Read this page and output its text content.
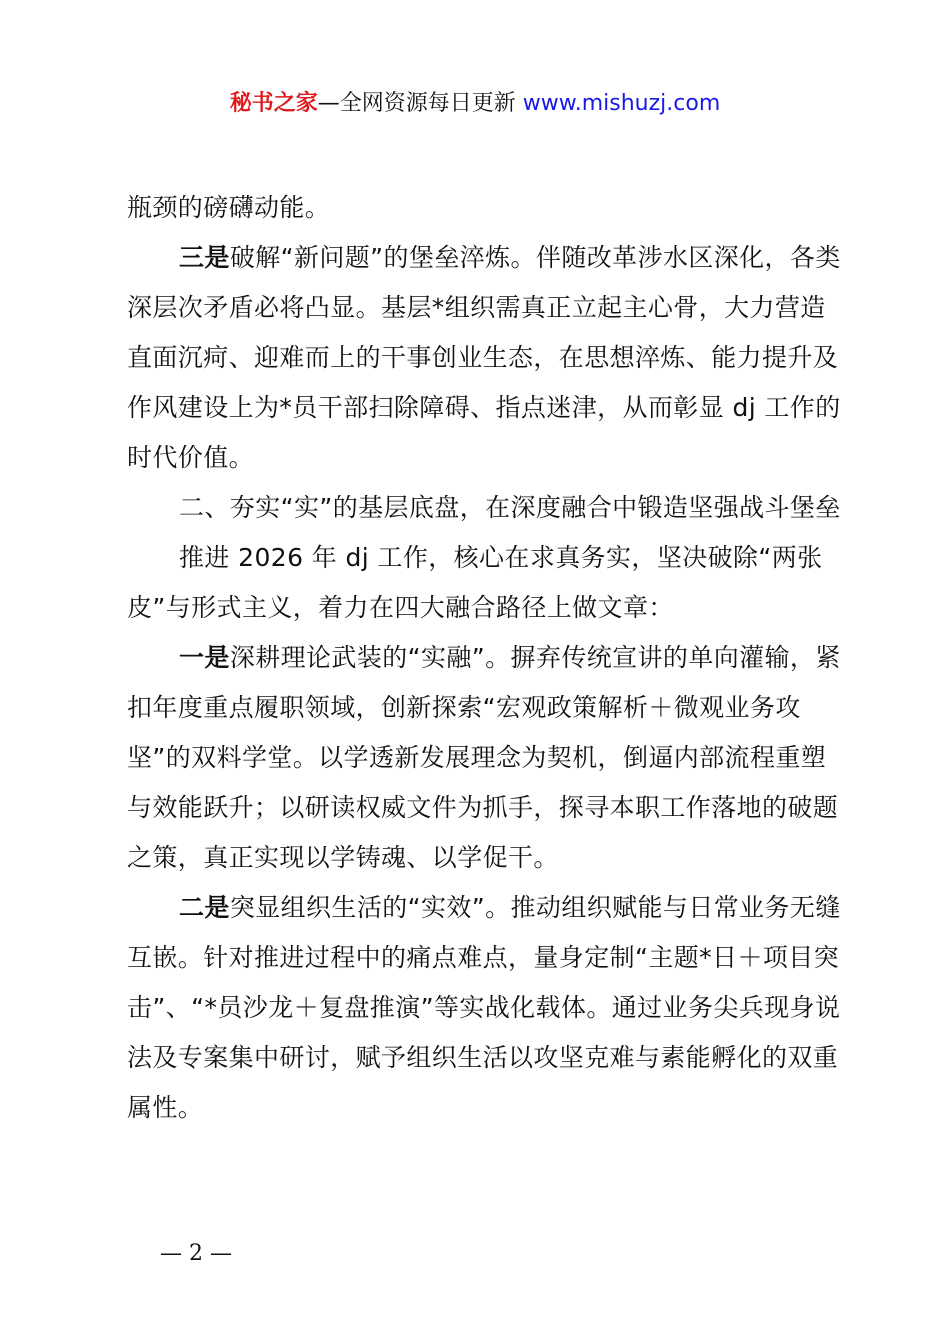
秘书之家—全网资源每日更新 www.mishuzj.com

瓶颈的磅礴动能。

三是破解“新问题”的堡垒淬炼。伴随改革涉水区深化，各类深层次矛盾必将凸显。基层*组织需真正立起主心骨，大力营造直面沉疴、迎难而上的干事创业生态，在思想淬炼、能力提升及作风建设上为*员干部扫除障碍、指点迷津，从而彰显 dj 工作的时代价值。

二、夯实“实”的基层底盘，在深度融合中锻造坚强战斗堡垒

推进 2026 年 dj 工作，核心在求真务实，坚决破除“两张皮”与形式主义，着力在四大融合路径上做文章：

一是深耕理论武装的“实融”。摒弃传统宣讲的单向灌输，紧扣年度重点履职领域，创新探索“宏观政策解析＋微观业务攻坚”的双料学堂。以学透新发展理念为契机，倒逼内部流程重塑与效能跃升；以研读权威文件为抓手，探寻本职工作落地的破题之策，真正实现以学铸魂、以学促干。

二是突显组织生活的“实效”。推动组织赋能与日常业务无缝互嵌。针对推进过程中的痛点难点，量身定制“主题*日＋项目突击”、“*员沙龙＋复盘推演”等实战化载体。通过业务尖兵现身说法及专案集中研讨，赋予组织生活以攻坚克难与素能孵化的双重属性。

— 2 —
